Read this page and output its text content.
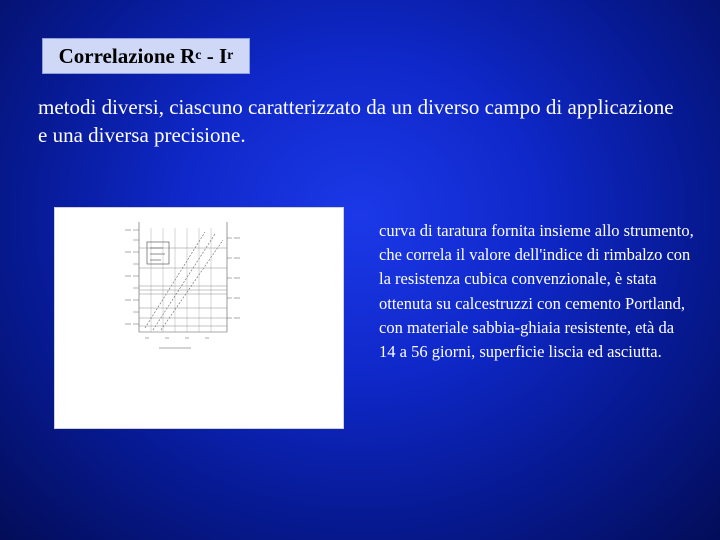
Correlazione R c - I r
metodi diversi, ciascuno caratterizzato da un diverso campo di applicazione e una diversa precisione.
curva di taratura fornita insieme allo strumento, che correla il valore dell'indice di rimbalzo con la resistenza cubica convenzionale, è stata ottenuta su calcestruzzi con cemento Portland, con materiale sabbia-ghiaia resistente, età da 14 a 56 giorni, superficie liscia ed asciutta.
